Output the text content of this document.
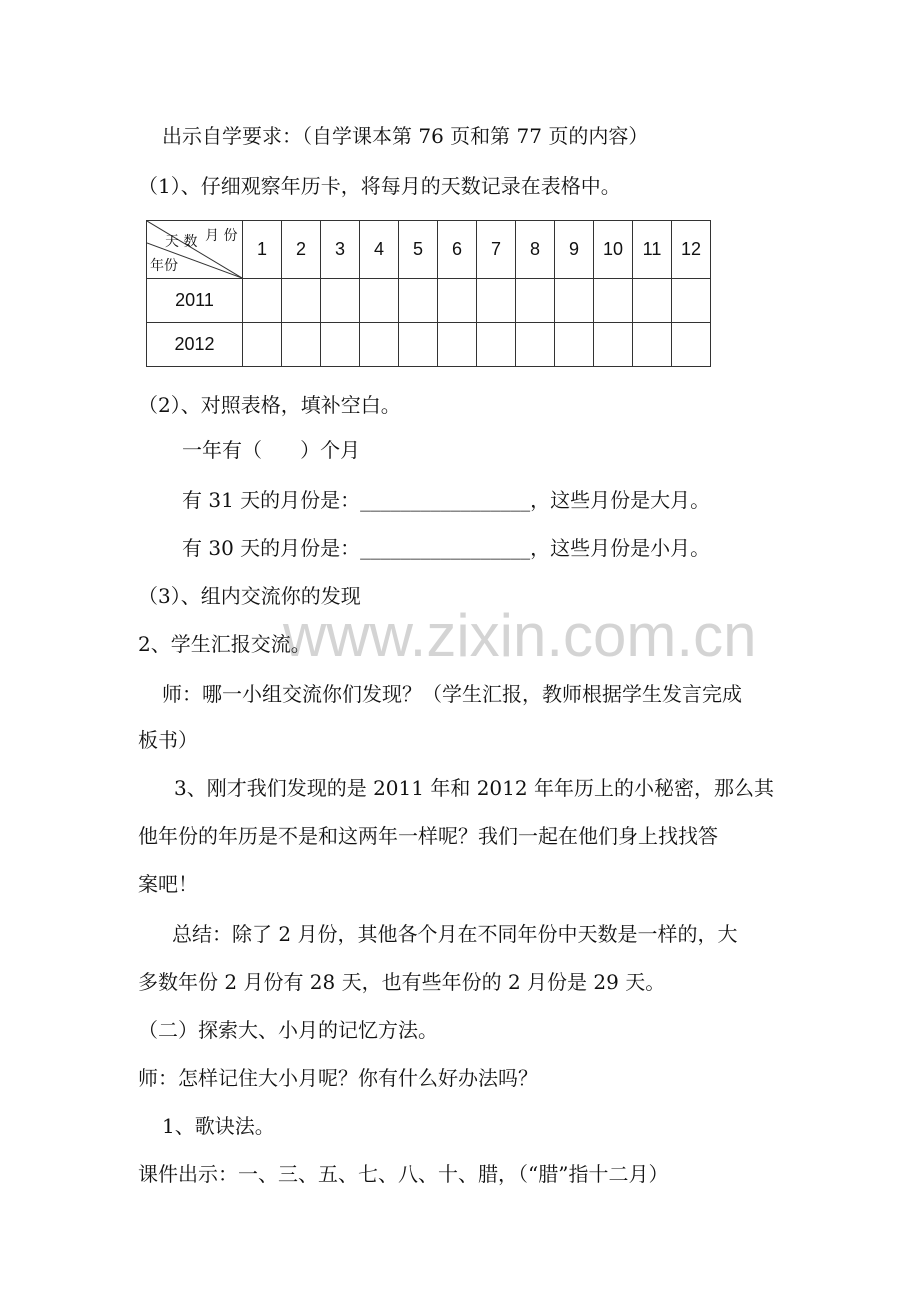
出示自学要求：（自学课本第 76 页和第 77 页的内容）
（1）、仔细观察年历卡，将每月的天数记录在表格中。
月 份
天 数
年份	1	2	3	4	5	6	7	8	9	10	11	12
2011												
2012												
（2）、对照表格，填补空白。
一年有（      ）个月
有 31 天的月份是：_________________，这些月份是大月。
有 30 天的月份是：_________________，这些月份是小月。
（3）、组内交流你的发现
www.zixin.com.cn
2、学生汇报交流。
师：哪一小组交流你们发现？（学生汇报，教师根据学生发言完成
板书）
3、刚才我们发现的是 2011 年和 2012 年年历上的小秘密，那么其
他年份的年历是不是和这两年一样呢？我们一起在他们身上找找答
案吧！
总结：除了 2 月份，其他各个月在不同年份中天数是一样的，大
多数年份 2 月份有 28 天，也有些年份的 2 月份是 29 天。
（二）探索大、小月的记忆方法。
师：怎样记住大小月呢？你有什么好办法吗？
1、歌诀法。
课件出示：一、三、五、七、八、十、腊，（“腊”指十二月）
